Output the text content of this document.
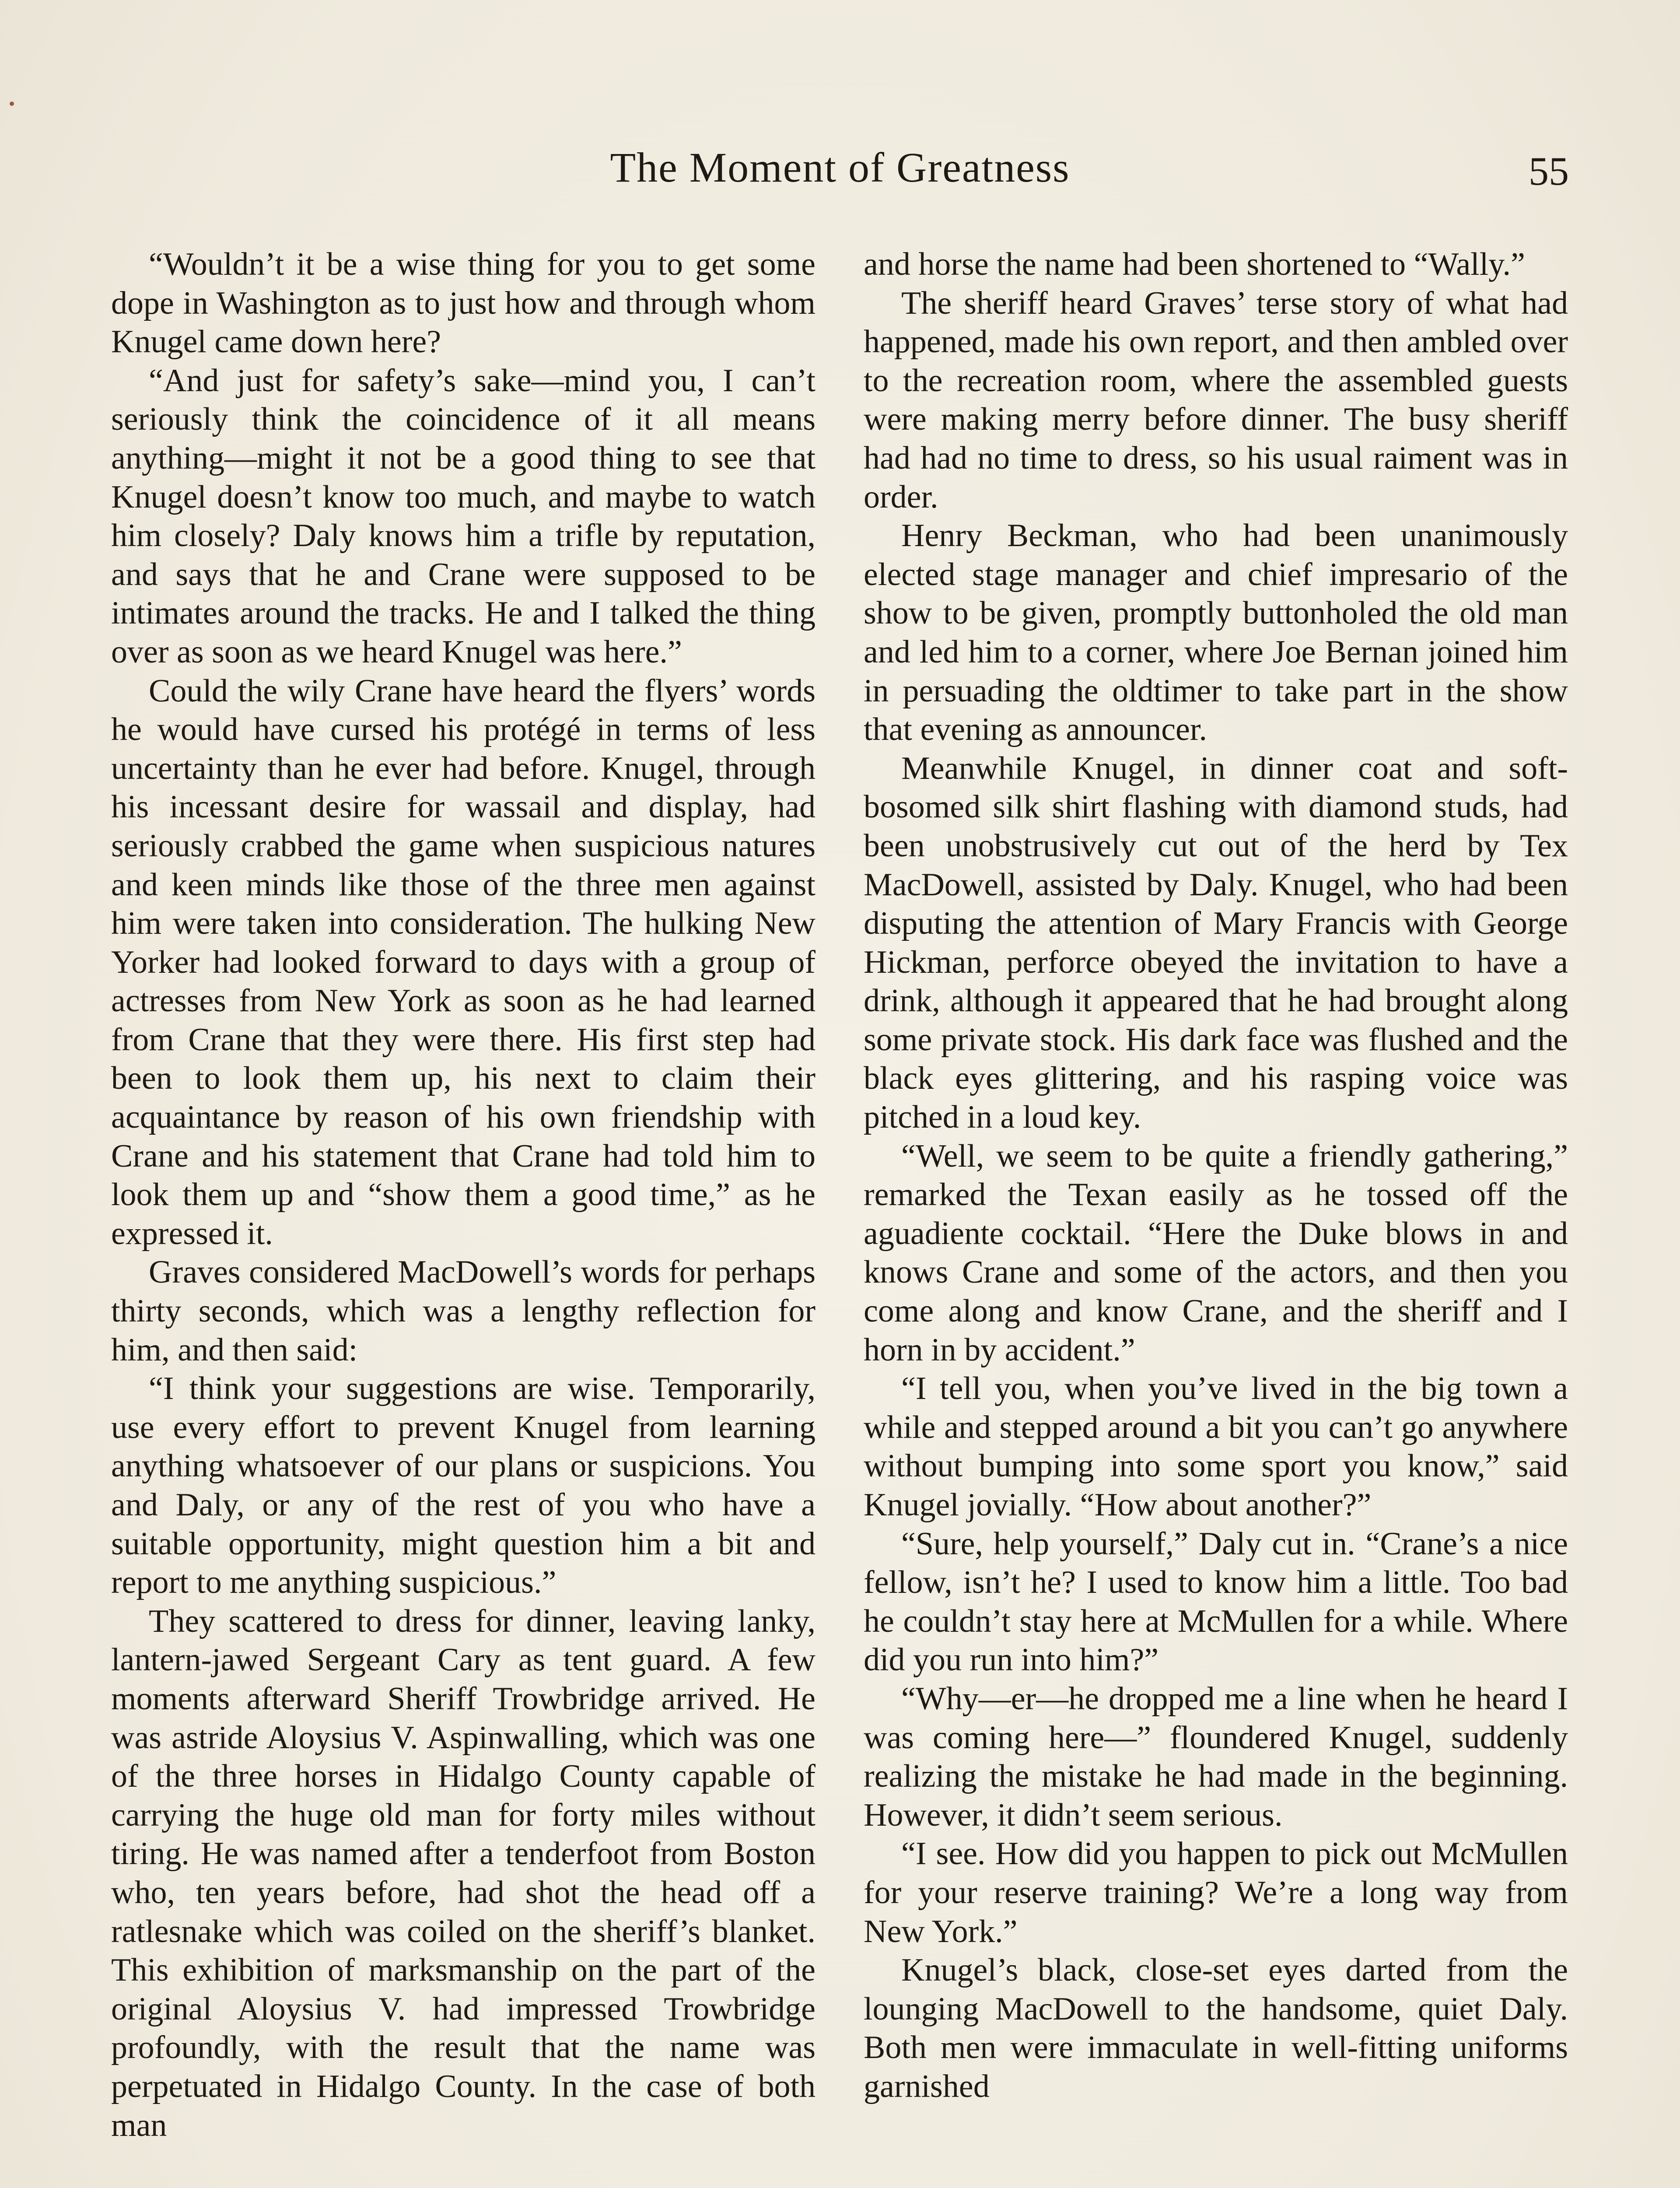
The Moment of Greatness	55

“Wouldn’t it be a wise thing for you to get some dope in Washington as to just how and through whom Knugel came down here?

“And just for safety’s sake—mind you, I can’t seriously think the coincidence of it all means anything—might it not be a good thing to see that Knugel doesn’t know too much, and maybe to watch him closely? Daly knows him a trifle by reputation, and says that he and Crane were supposed to be intimates around the tracks. He and I talked the thing over as soon as we heard Knugel was here.”

Could the wily Crane have heard the flyers’ words he would have cursed his protégé in terms of less uncertainty than he ever had before. Knugel, through his incessant desire for wassail and display, had seriously crabbed the game when suspicious natures and keen minds like those of the three men against him were taken into consideration. The hulking New Yorker had looked forward to days with a group of actresses from New York as soon as he had learned from Crane that they were there. His first step had been to look them up, his next to claim their acquaintance by reason of his own friendship with Crane and his statement that Crane had told him to look them up and “show them a good time,” as he expressed it.

Graves considered MacDowell’s words for perhaps thirty seconds, which was a lengthy reflection for him, and then said:

“I think your suggestions are wise. Temporarily, use every effort to prevent Knugel from learning anything whatsoever of our plans or suspicions. You and Daly, or any of the rest of you who have a suitable opportunity, might question him a bit and report to me anything suspicious.”

They scattered to dress for dinner, leaving lanky, lantern-jawed Sergeant Cary as tent guard. A few moments afterward Sheriff Trowbridge arrived. He was astride Aloysius V. Aspinwalling, which was one of the three horses in Hidalgo County capable of carrying the huge old man for forty miles without tiring. He was named after a tenderfoot from Boston who, ten years before, had shot the head off a ratlesnake which was coiled on the sheriff’s blanket. This exhibition of marksmanship on the part of the original Aloysius V. had impressed Trowbridge profoundly, with the result that the name was perpetuated in Hidalgo County. In the case of both man

and horse the name had been shortened to “Wally.”

The sheriff heard Graves’ terse story of what had happened, made his own report, and then ambled over to the recreation room, where the assembled guests were making merry before dinner. The busy sheriff had had no time to dress, so his usual raiment was in order.

Henry Beckman, who had been unanimously elected stage manager and chief impresario of the show to be given, promptly buttonholed the old man and led him to a corner, where Joe Bernan joined him in persuading the oldtimer to take part in the show that evening as announcer.

Meanwhile Knugel, in dinner coat and soft-bosomed silk shirt flashing with diamond studs, had been unobstrusively cut out of the herd by Tex MacDowell, assisted by Daly. Knugel, who had been disputing the attention of Mary Francis with George Hickman, perforce obeyed the invitation to have a drink, although it appeared that he had brought along some private stock. His dark face was flushed and the black eyes glittering, and his rasping voice was pitched in a loud key.

“Well, we seem to be quite a friendly gathering,” remarked the Texan easily as he tossed off the aguadiente cocktail. “Here the Duke blows in and knows Crane and some of the actors, and then you come along and know Crane, and the sheriff and I horn in by accident.”

“I tell you, when you’ve lived in the big town a while and stepped around a bit you can’t go anywhere without bumping into some sport you know,” said Knugel jovially. “How about another?”

“Sure, help yourself,” Daly cut in. “Crane’s a nice fellow, isn’t he? I used to know him a little. Too bad he couldn’t stay here at McMullen for a while. Where did you run into him?”

“Why—er—he dropped me a line when he heard I was coming here—” floundered Knugel, suddenly realizing the mistake he had made in the beginning. However, it didn’t seem serious.

“I see. How did you happen to pick out McMullen for your reserve training? We’re a long way from New York.”

Knugel’s black, close-set eyes darted from the lounging MacDowell to the handsome, quiet Daly. Both men were immaculate in well-fitting uniforms garnished
